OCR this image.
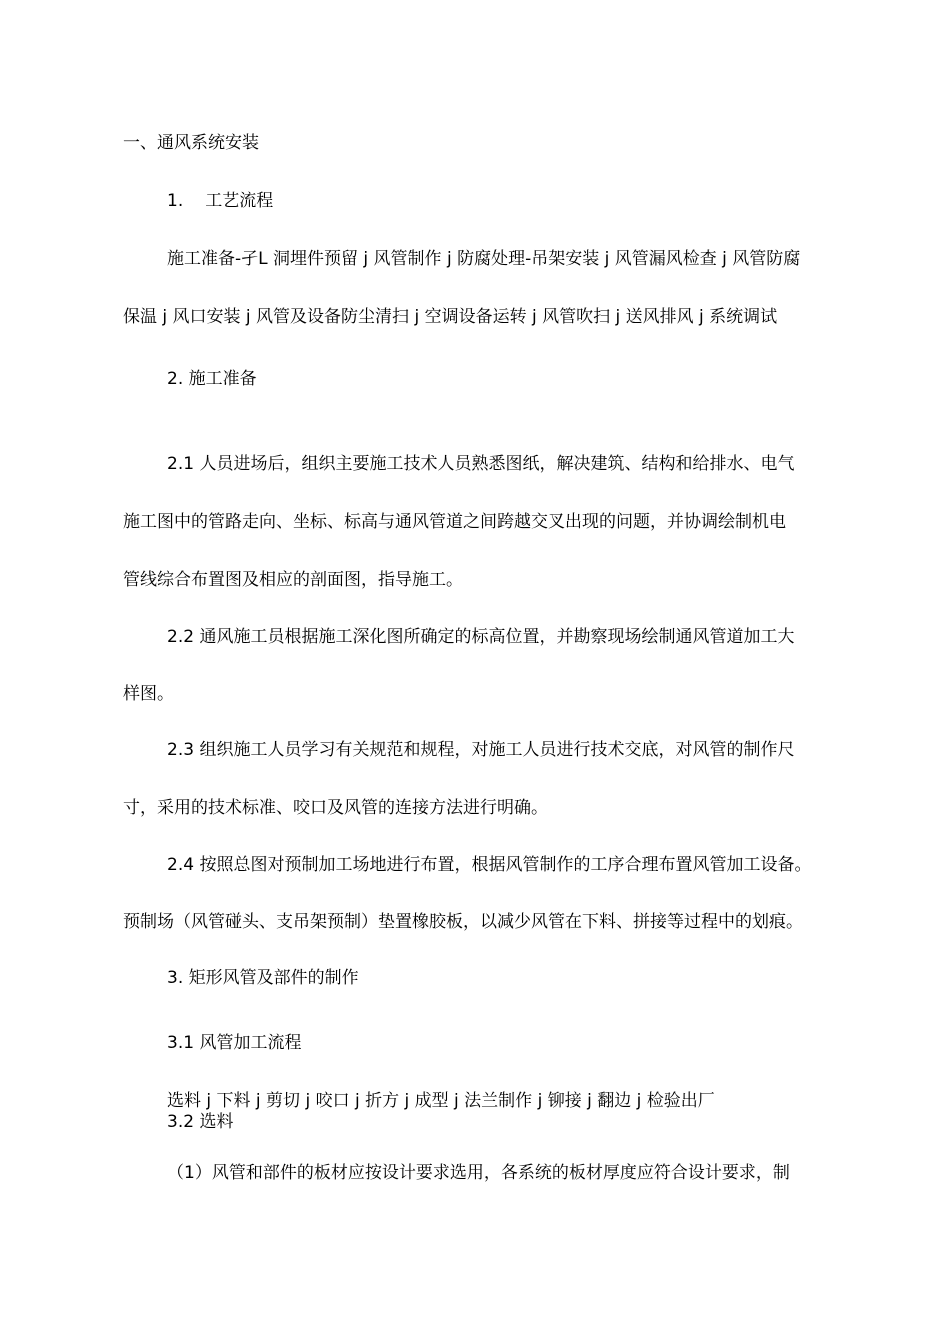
一、通风系统安装
1. 工艺流程
施工准备-孑L 洞埋件预留 j 风管制作 j 防腐处理-吊架安装 j 风管漏风检查 j 风管防腐
保温 j 风口安装 j 风管及设备防尘清扫 j 空调设备运转 j 风管吹扫 j 送风排风 j 系统调试
2. 施工准备
2.1 人员进场后，组织主要施工技术人员熟悉图纸，解决建筑、结构和给排水、电气
施工图中的管路走向、坐标、标高与通风管道之间跨越交叉出现的问题，并协调绘制机电
管线综合布置图及相应的剖面图，指导施工。
2.2 通风施工员根据施工深化图所确定的标高位置，并勘察现场绘制通风管道加工大
样图。
2.3 组织施工人员学习有关规范和规程，对施工人员进行技术交底，对风管的制作尺
寸，采用的技术标准、咬口及风管的连接方法进行明确。
2.4 按照总图对预制加工场地进行布置，根据风管制作的工序合理布置风管加工设备。
预制场（风管碰头、支吊架预制）垫置橡胶板，以减少风管在下料、拼接等过程中的划痕。
3. 矩形风管及部件的制作
3.1 风管加工流程
选料 j 下料 j 剪切 j 咬口 j 折方 j 成型 j 法兰制作 j 铆接 j 翻边 j 检验出厂
3.2 选料
（1）风管和部件的板材应按设计要求选用，各系统的板材厚度应符合设计要求，制
